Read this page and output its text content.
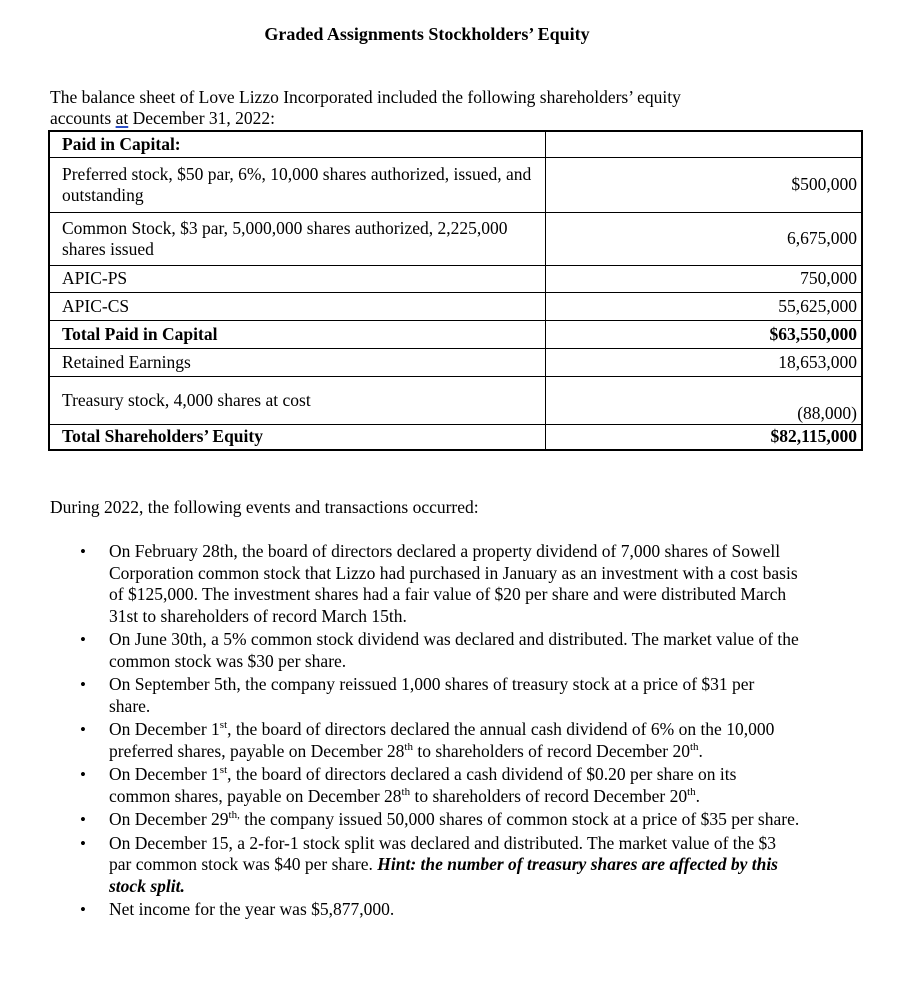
Graded Assignments Stockholders’ Equity
The balance sheet of Love Lizzo Incorporated included the following shareholders’ equity
accounts at December 31, 2022:
Paid in Capital:	
Preferred stock, $50 par, 6%, 10,000 shares authorized, issued, and outstanding	$500,000
Common Stock, $3 par, 5,000,000 shares authorized, 2,225,000 shares issued	6,675,000
APIC-PS	750,000
APIC-CS	55,625,000
Total Paid in Capital	$63,550,000
Retained Earnings	18,653,000
Treasury stock, 4,000 shares at cost	(88,000)
Total Shareholders’ Equity	$82,115,000
During 2022, the following events and transactions occurred:
• On February 28th, the board of directors declared a property dividend of 7,000 shares of Sowell Corporation common stock that Lizzo had purchased in January as an investment with a cost basis of $125,000. The investment shares had a fair value of $20 per share and were distributed March 31st to shareholders of record March 15th.
• On June 30th, a 5% common stock dividend was declared and distributed. The market value of the common stock was $30 per share.
• On September 5th, the company reissued 1,000 shares of treasury stock at a price of $31 per share.
• On December 1st, the board of directors declared the annual cash dividend of 6% on the 10,000 preferred shares, payable on December 28th to shareholders of record December 20th.
• On December 1st, the board of directors declared a cash dividend of $0.20 per share on its common shares, payable on December 28th to shareholders of record December 20th.
• On December $29^{th,}$ the company issued 50,000 shares of common stock at a price of $35 per share.
• On December 15, a 2-for-1 stock split was declared and distributed. The market value of the $3 par common stock was $40 per share. Hint: the number of treasury shares are affected by this stock split.
• Net income for the year was $5,877,000.
